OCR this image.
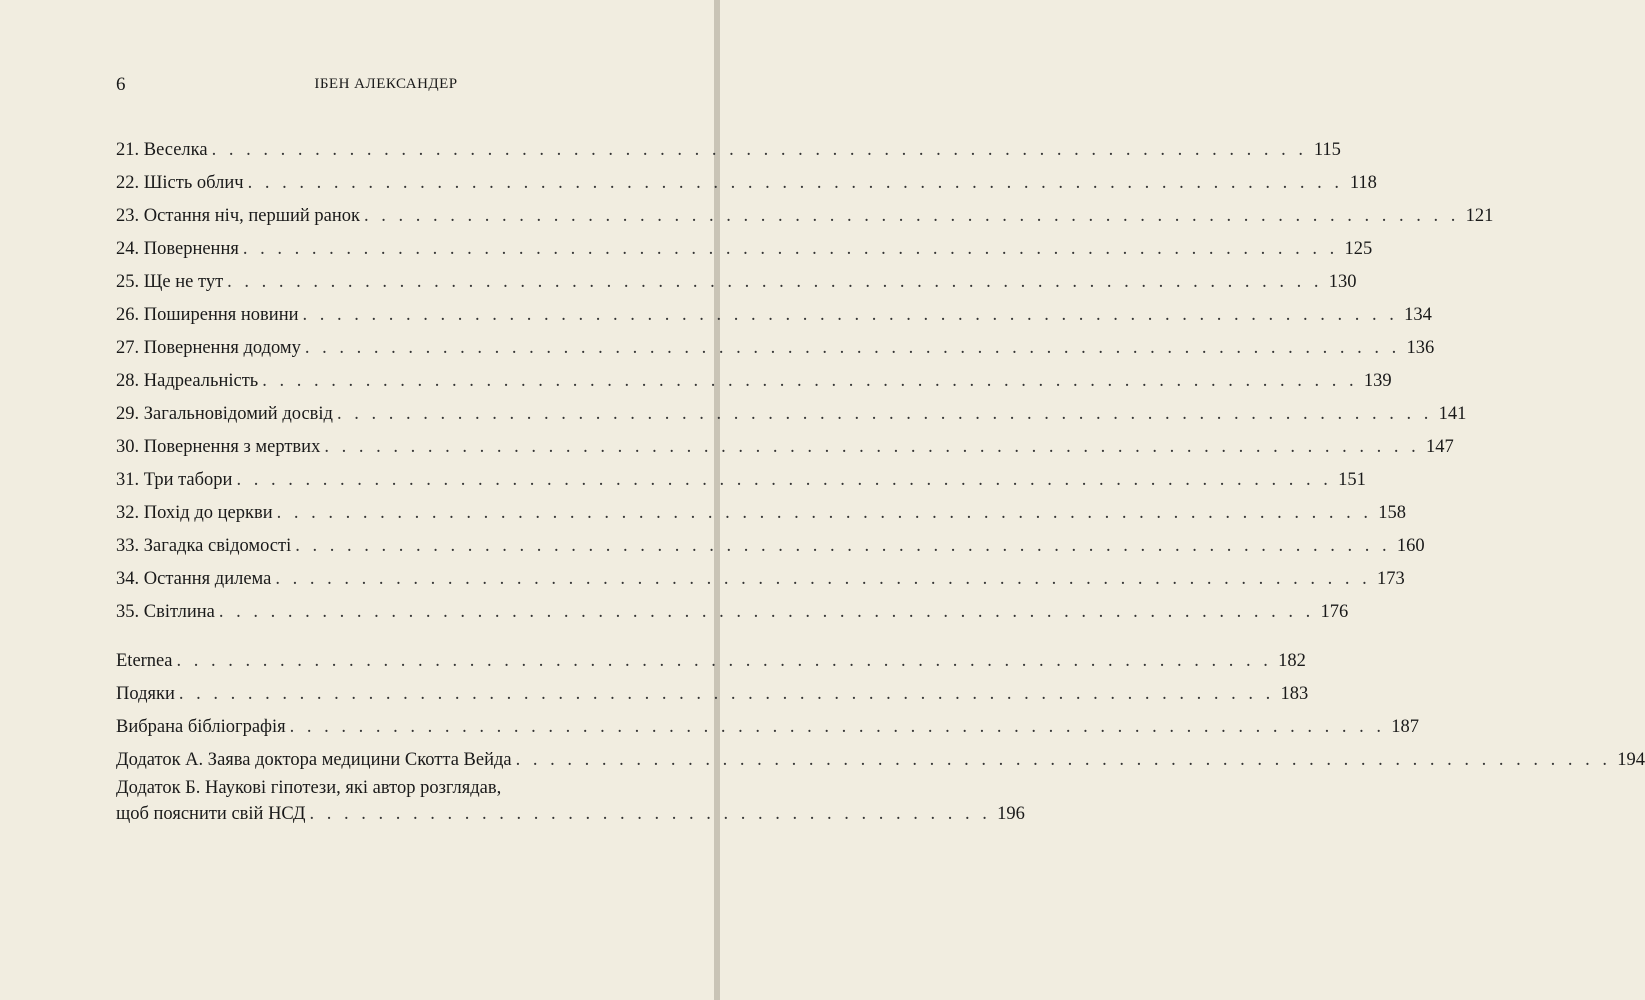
6	ІБЕН АЛЕКСАНДЕР
21. Веселка . . . . . . . . . . . . . . . . . . . . . . . . . . . . . . . . . . . . . . . . . . . . . . . . . . . . . . . . . . . . . . . . 115
22. Шість облич . . . . . . . . . . . . . . . . . . . . . . . . . . . . . . . . . . . . . . . . . . . . . . . . . . . . . . . . . . . . . . . . 118
23. Остання ніч, перший ранок . . . . . . . . . . . . . . . . . . . . . . . . . . . . . . . . . . . . . . . . . . . . . . . . . . . . . . . . . . . . . . . . 121
24. Повернення . . . . . . . . . . . . . . . . . . . . . . . . . . . . . . . . . . . . . . . . . . . . . . . . . . . . . . . . . . . . . . . . 125
25. Ще не тут . . . . . . . . . . . . . . . . . . . . . . . . . . . . . . . . . . . . . . . . . . . . . . . . . . . . . . . . . . . . . . . . 130
26. Поширення новини . . . . . . . . . . . . . . . . . . . . . . . . . . . . . . . . . . . . . . . . . . . . . . . . . . . . . . . . . . . . . . . . 134
27. Повернення додому . . . . . . . . . . . . . . . . . . . . . . . . . . . . . . . . . . . . . . . . . . . . . . . . . . . . . . . . . . . . . . . . 136
28. Надреальність . . . . . . . . . . . . . . . . . . . . . . . . . . . . . . . . . . . . . . . . . . . . . . . . . . . . . . . . . . . . . . . . 139
29. Загальновідомий досвід . . . . . . . . . . . . . . . . . . . . . . . . . . . . . . . . . . . . . . . . . . . . . . . . . . . . . . . . . . . . . . . . 141
30. Повернення з мертвих . . . . . . . . . . . . . . . . . . . . . . . . . . . . . . . . . . . . . . . . . . . . . . . . . . . . . . . . . . . . . . . . 147
31. Три табори . . . . . . . . . . . . . . . . . . . . . . . . . . . . . . . . . . . . . . . . . . . . . . . . . . . . . . . . . . . . . . . . 151
32. Похід до церкви . . . . . . . . . . . . . . . . . . . . . . . . . . . . . . . . . . . . . . . . . . . . . . . . . . . . . . . . . . . . . . . . 158
33. Загадка свідомості . . . . . . . . . . . . . . . . . . . . . . . . . . . . . . . . . . . . . . . . . . . . . . . . . . . . . . . . . . . . . . . . 160
34. Остання дилема . . . . . . . . . . . . . . . . . . . . . . . . . . . . . . . . . . . . . . . . . . . . . . . . . . . . . . . . . . . . . . . . 173
35. Світлина . . . . . . . . . . . . . . . . . . . . . . . . . . . . . . . . . . . . . . . . . . . . . . . . . . . . . . . . . . . . . . . . 176
Eternea . . . . . . . . . . . . . . . . . . . . . . . . . . . . . . . . . . . . . . . . . . . . . . . . . . . . . . . . . . . . . . . . 182
Подяки . . . . . . . . . . . . . . . . . . . . . . . . . . . . . . . . . . . . . . . . . . . . . . . . . . . . . . . . . . . . . . . . 183
Вибрана бібліографія . . . . . . . . . . . . . . . . . . . . . . . . . . . . . . . . . . . . . . . . . . . . . . . . . . . . . . . . . . . . . . . . 187
Додаток А. Заява доктора медицини Скотта Вейда . . . . . . . . . . . . . . . . . . . . . . . . . . . . . . . . . . . . . . . . . . . . . . . . . . . . . . . . . . . . . . . . 194
Додаток Б. Наукові гіпотези, які автор розглядав,
щоб пояснити свій НСД . . . . . . . . . . . . . . . . . . . . . . . . . . . . . . . . . . . . . . . . 196
